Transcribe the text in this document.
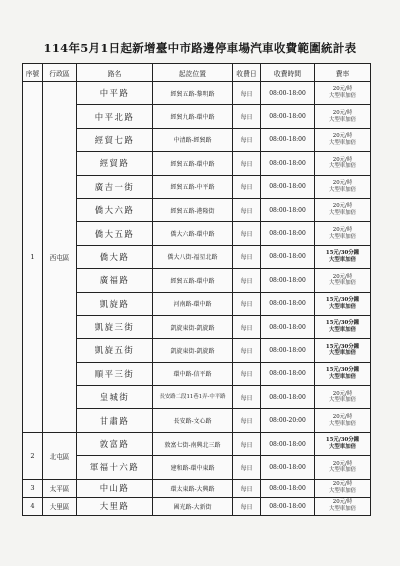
114年5月1日起新增臺中市路邊停車場汽車收費範圍統計表
序號	行政區	路名	起訖位置	收費日	收費時間	費率
1	西屯區	中平路	經貿五路-黎明路	每日	08:00-18:00	20元/時
大型車加倍

		中平北路	經貿九路-環中路	每日	08:00-18:00	20元/時
大型車加倍

		經貿七路	中清路-經貿路	每日	08:00-18:00	20元/時
大型車加倍

		經貿路	經貿五路-環中路	每日	08:00-18:00	20元/時
大型車加倍

		廣吉一街	經貿五路-中平路	每日	08:00-18:00	20元/時
大型車加倍

		僑大六路	經貿五路-港隆街	每日	08:00-18:00	20元/時
大型車加倍

		僑大五路	僑大六路-環中路	每日	08:00-18:00	20元/時
大型車加倍

		僑大路	僑大八街-福星北路	每日	08:00-18:00	15元/30分鐘
大型車加倍

		廣福路	經貿五路-環中路	每日	08:00-18:00	20元/時
大型車加倍

		凱旋路	河南路-環中路	每日	08:00-18:00	15元/30分鐘
大型車加倍

		凱旋三街	凱旋東街-凱旋路	每日	08:00-18:00	15元/30分鐘
大型車加倍

		凱旋五街	凱旋東街-凱旋路	每日	08:00-18:00	15元/30分鐘
大型車加倍

		順平三街	環中路-信平路	每日	08:00-18:00	15元/30分鐘
大型車加倍

		皇城街	長安路二段11巷1弄-中平路	每日	08:00-18:00	20元/時
大型車加倍

		甘肅路	長安路-文心路	每日	08:00-20:00	20元/時
大型車加倍

2	北屯區	敦富路	敦富七街-南興北三路	每日	08:00-18:00	15元/30分鐘
大型車加倍

		軍福十六路	建和路-環中東路	每日	08:00-18:00	20元/時
大型車加倍

3	太平區	中山路	環太東路-大興路	每日	08:00-18:00	20元/時
大型車加倍

4	大里區	大里路	國光路-大新街	每日	08:00-18:00	20元/時
大型車加倍
